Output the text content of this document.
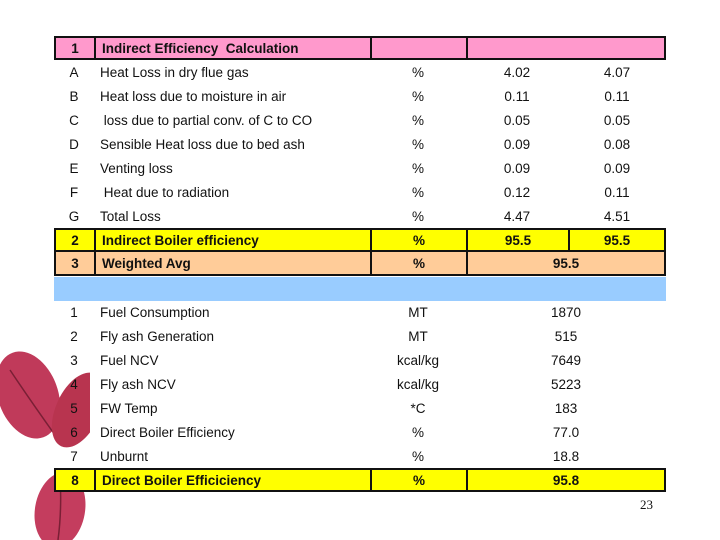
1	Indirect Efficiency  Calculation
A	Heat Loss in dry flue gas	%	4.02	4.07
B	Heat loss due to moisture in air	%	0.11	0.11
C	loss due to partial conv. of C to CO	%	0.05	0.05
D	Sensible Heat loss due to bed ash	%	0.09	0.08
E	Venting loss	%	0.09	0.09
F	Heat due to radiation	%	0.12	0.11
G	Total Loss	%	4.47	4.51
2	Indirect Boiler efficiency	%	95.5	95.5
3	Weighted Avg	%	95.5
1	Fuel Consumption	MT	1870
2	Fly ash Generation	MT	515
3	Fuel NCV	kcal/kg	7649
4	Fly ash NCV	kcal/kg	5223
5	FW Temp	*C	183
6	Direct Boiler Efficiency	%	77.0
7	Unburnt	%	18.8
8	Direct Boiler Efficiciency	%	95.8
23
